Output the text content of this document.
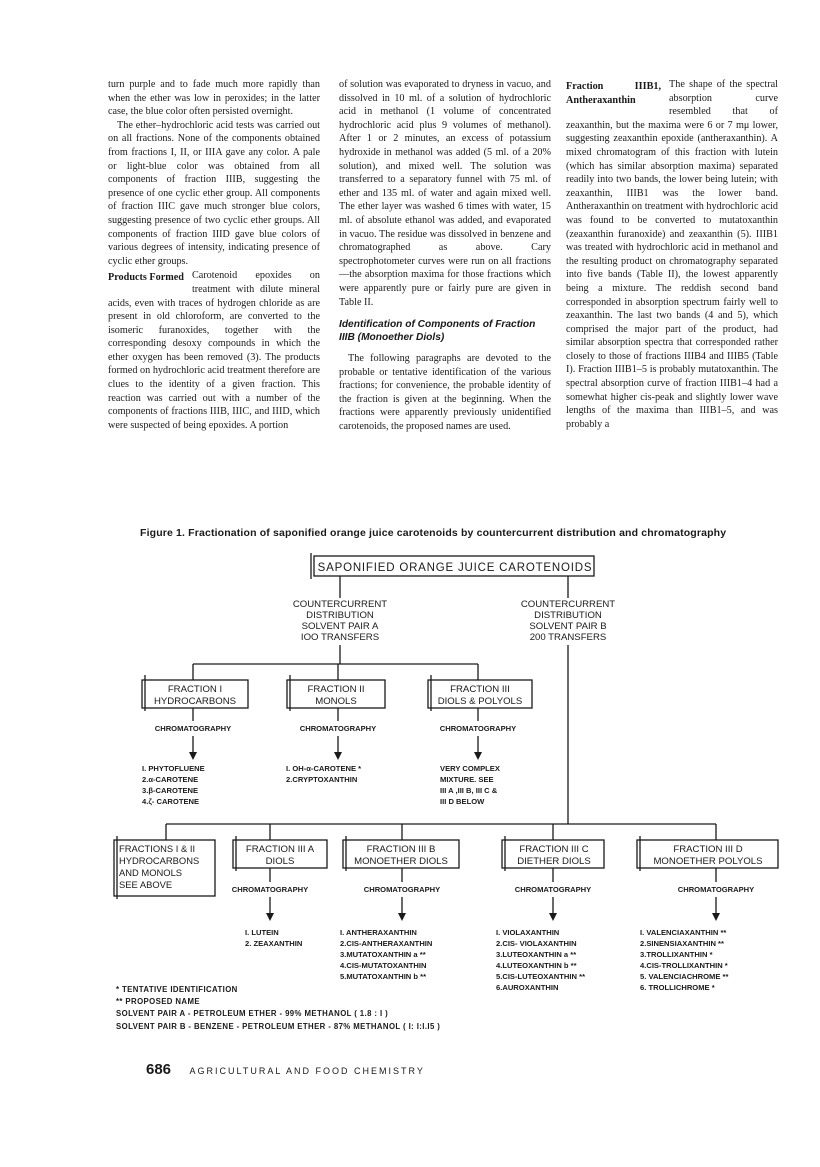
turn purple and to fade much more rapidly than when the ether was low in peroxides; in the latter case, the blue color often persisted overnight.

The ether–hydrochloric acid tests was carried out on all fractions. None of the components obtained from fractions I, II, or IIIA gave any color. A pale or light-blue color was obtained from all components of fraction IIIB, suggesting the presence of one cyclic ether group. All components of fraction IIIC gave much stronger blue colors, suggesting presence of two cyclic ether groups. All components of fraction IIID gave blue colors of various degrees of intensity, indicating presence of cyclic ether groups.

Products Formed Carotenoid epoxides on treatment with dilute mineral acids, even with traces of hydrogen chloride as are present in old chloroform, are converted to the isomeric furanoxides, together with the corresponding desoxy compounds in which the ether oxygen has been removed (3). The products formed on hydrochloric acid treatment therefore are clues to the identity of a given fraction. This reaction was carried out with a number of the components of fractions IIIB, IIIC, and IIID, which were suspected of being epoxides. A portion

of solution was evaporated to dryness in vacuo, and dissolved in 10 ml. of a solution of hydrochloric acid in methanol (1 volume of concentrated hydrochloric acid plus 9 volumes of methanol). After 1 or 2 minutes, an excess of potassium hydroxide in methanol was added (5 ml. of a 20% solution), and mixed well. The solution was transferred to a separatory funnel with 75 ml. of ether and 135 ml. of water and again mixed well. The ether layer was washed 6 times with water, 15 ml. of absolute ethanol was added, and evaporated in vacuo. The residue was dissolved in benzene and chromatographed as above. Cary spectrophotometer curves were run on all fractions—the absorption maxima for those fractions which were apparently pure or fairly pure are given in Table II.

Identification of Components of Fraction IIIB (Monoether Diols)

The following paragraphs are devoted to the probable or tentative identification of the various fractions; for convenience, the probable identity of the fraction is given at the beginning. When the fractions were apparently previously unidentified carotenoids, the proposed names are used.

Fraction IIIB1, Antheraxanthin
The shape of the spectral absorption curve resembled that of zeaxanthin, but the maxima were 6 or 7 mμ lower, suggesting zeaxanthin epoxide (antheraxanthin). A mixed chromatogram of this fraction with lutein (which has similar absorption maxima) separated readily into two bands, the lower being lutein; with zeaxanthin, IIIB1 was the lower band. Antheraxanthin on treatment with hydrochloric acid was found to be converted to mutatoxanthin (zeaxanthin furanoxide) and zeaxanthin (5). IIIB1 was treated with hydrochloric acid in methanol and the resulting product on chromatography separated into five bands (Table II), the lowest apparently being a mixture. The reddish second band corresponded in absorption spectrum fairly well to zeaxanthin. The last two bands (4 and 5), which comprised the major part of the product, had similar absorption spectra that corresponded rather closely to those of fractions IIIB4 and IIIB5 (Table I). Fraction IIIB1–5 is probably mutatoxanthin. The spectral absorption curve of fraction IIIB1–4 had a somewhat higher cis-peak and slightly lower wave lengths of the maxima than IIIB1–5, and was probably a

Figure 1. Fractionation of saponified orange juice carotenoids by countercurrent distribution and chromatography
SAPONIFIED ORANGE JUICE CAROTENOIDS
COUNTERCURRENT
DISTRIBUTION
SOLVENT PAIR A
IOO TRANSFERS
COUNTERCURRENT
DISTRIBUTION
SOLVENT PAIR B
200 TRANSFERS
FRACTION I
HYDROCARBONS
FRACTION II
MONOLS
FRACTION III
DIOLS & POLYOLS
CHROMATOGRAPHY	CHROMATOGRAPHY	CHROMATOGRAPHY
I. PHYTOFLUENE
2.α-CAROTENE
3.β-CAROTENE
4.ζ- CAROTENE
I. OH-α-CAROTENE *
2.CRYPTOXANTHIN
VERY COMPLEX
MIXTURE. SEE
III A ,III B, III C &
III D BELOW
FRACTIONS I & II
HYDROCARBONS
AND MONOLS
SEE ABOVE
FRACTION III A
DIOLS
FRACTION III B
MONOETHER DIOLS
FRACTION III C
DIETHER DIOLS
FRACTION III D
MONOETHER POLYOLS
CHROMATOGRAPHY	CHROMATOGRAPHY	CHROMATOGRAPHY	CHROMATOGRAPHY
I. LUTEIN
2. ZEAXANTHIN
I. ANTHERAXANTHIN
2.CIS-ANTHERAXANTHIN
3.MUTATOXANTHIN a **
4.CIS-MUTATOXANTHIN
5.MUTATOXANTHIN b **
I. VIOLAXANTHIN
2.CIS- VIOLAXANTHIN
3.LUTEOXANTHIN a **
4.LUTEOXANTHIN b **
5.CIS-LUTEOXANTHIN **
6.AUROXANTHIN
I. VALENCIAXANTHIN **
2.SINENSIAXANTHIN **
3.TROLLIXANTHIN *
4.CIS-TROLLIXANTHIN *
5. VALENCIACHROME **
6. TROLLICHROME *
* TENTATIVE IDENTIFICATION
** PROPOSED NAME
SOLVENT PAIR A - PETROLEUM ETHER - 99% METHANOL ( 1.8 : I )
SOLVENT PAIR B - BENZENE - PETROLEUM ETHER - 87% METHANOL ( I: I:I.I5 )
686 AGRICULTURAL AND FOOD CHEMISTRY
